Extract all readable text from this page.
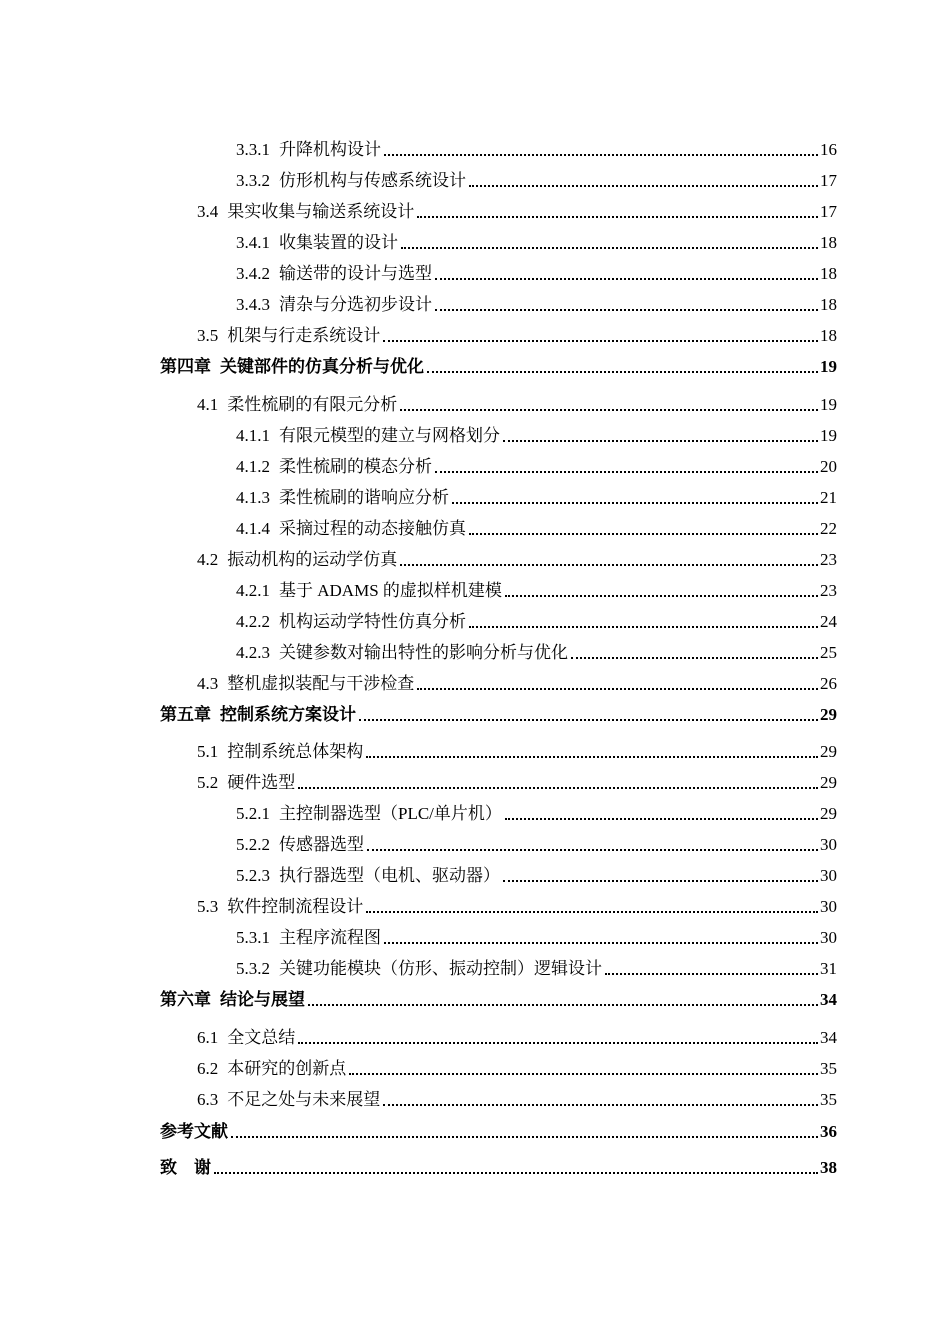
3.3.1 升降机构设计	16
3.3.2 仿形机构与传感系统设计	17
3.4 果实收集与输送系统设计	17
3.4.1 收集装置的设计	18
3.4.2 输送带的设计与选型	18
3.4.3 清杂与分选初步设计	18
3.5 机架与行走系统设计	18
第四章 关键部件的仿真分析与优化	19
4.1 柔性梳刷的有限元分析	19
4.1.1 有限元模型的建立与网格划分	19
4.1.2 柔性梳刷的模态分析	20
4.1.3 柔性梳刷的谐响应分析	21
4.1.4 采摘过程的动态接触仿真	22
4.2 振动机构的运动学仿真	23
4.2.1 基于 ADAMS 的虚拟样机建模	23
4.2.2 机构运动学特性仿真分析	24
4.2.3 关键参数对输出特性的影响分析与优化	25
4.3 整机虚拟装配与干涉检查	26
第五章 控制系统方案设计	29
5.1 控制系统总体架构	29
5.2 硬件选型	29
5.2.1 主控制器选型（PLC/单片机）	29
5.2.2 传感器选型	30
5.2.3 执行器选型（电机、驱动器）	30
5.3 软件控制流程设计	30
5.3.1 主程序流程图	30
5.3.2 关键功能模块（仿形、振动控制）逻辑设计	31
第六章 结论与展望	34
6.1 全文总结	34
6.2 本研究的创新点	35
6.3 不足之处与未来展望	35
参考文献	36
致　谢	38
